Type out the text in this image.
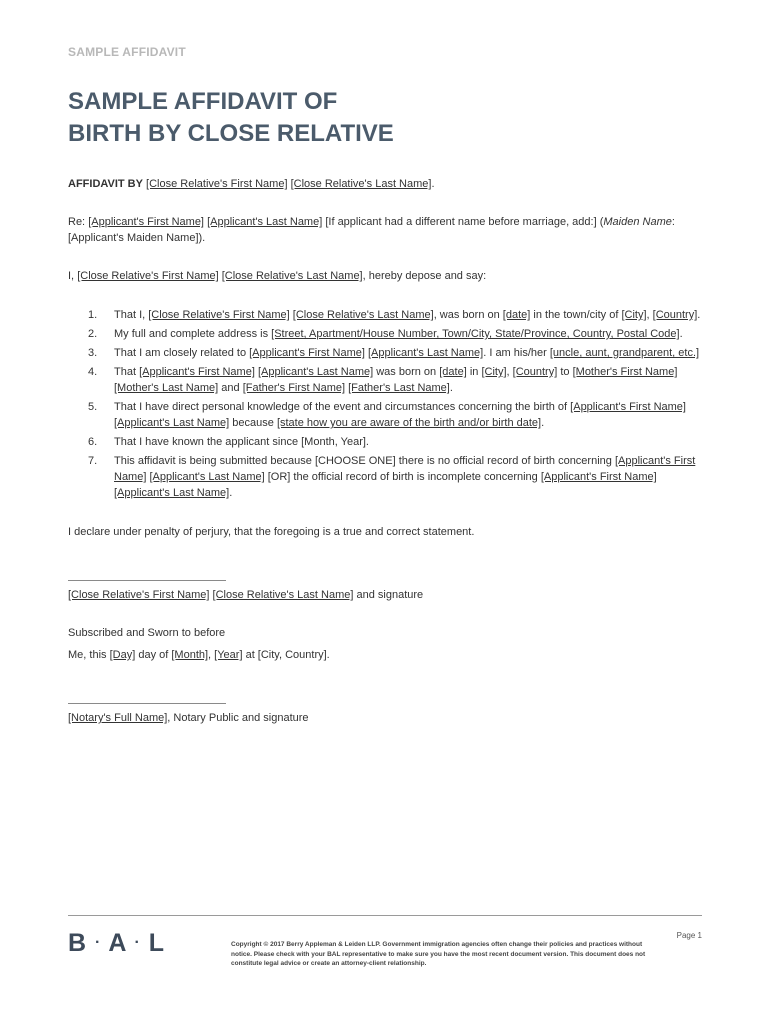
SAMPLE AFFIDAVIT
SAMPLE AFFIDAVIT OF
BIRTH BY CLOSE RELATIVE

AFFIDAVIT BY [Close Relative's First Name] [Close Relative's Last Name].

Re: [Applicant's First Name] [Applicant's Last Name] [If applicant had a different name before marriage, add:] (Maiden Name: [Applicant's Maiden Name]).

I, [Close Relative's First Name] [Close Relative's Last Name], hereby depose and say:

1. That I, [Close Relative's First Name] [Close Relative's Last Name], was born on [date] in the town/city of [City], [Country].
2. My full and complete address is [Street, Apartment/House Number, Town/City, State/Province, Country, Postal Code].
3. That I am closely related to [Applicant's First Name] [Applicant's Last Name]. I am his/her [uncle, aunt, grandparent, etc.]
4. That [Applicant's First Name] [Applicant's Last Name] was born on [date] in [City], [Country] to [Mother's First Name] [Mother's Last Name] and [Father's First Name] [Father's Last Name].
5. That I have direct personal knowledge of the event and circumstances concerning the birth of [Applicant's First Name] [Applicant's Last Name] because [state how you are aware of the birth and/or birth date].
6. That I have known the applicant since [Month, Year].
7. This affidavit is being submitted because [CHOOSE ONE] there is no official record of birth concerning [Applicant's First Name] [Applicant's Last Name] [OR] the official record of birth is incomplete concerning [Applicant's First Name] [Applicant's Last Name].

I declare under penalty of perjury, that the foregoing is a true and correct statement.

[Close Relative's First Name] [Close Relative's Last Name] and signature

Subscribed and Sworn to before

Me, this [Day] day of [Month], [Year] at [City, Country].

[Notary's Full Name], Notary Public and signature

B · A · L	Page 1
Copyright © 2017 Berry Appleman & Leiden LLP. Government immigration agencies often change their policies and practices without notice. Please check with your BAL representative to make sure you have the most recent document version. This document does not constitute legal advice or create an attorney-client relationship.
